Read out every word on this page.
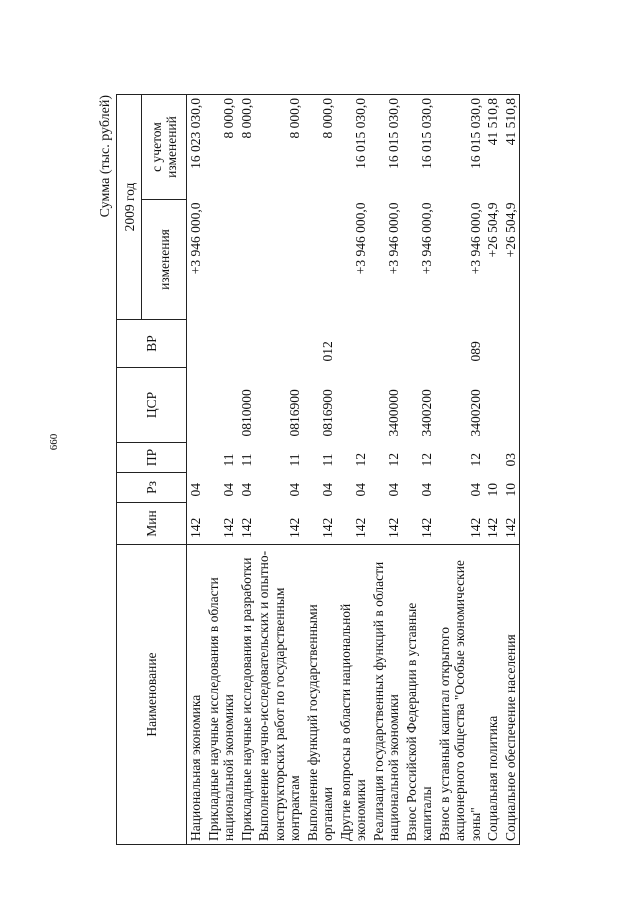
660
Сумма (тыс. рублей)
Наименование	Мин	Рз	ПР	ЦСР	ВР	2009 год	
						изменения	с учетом изменений
Национальная экономика	142	04				+3 946 000,0	16 023 030,0
Прикладные научные исследования в области национальной экономики	142	04	11				8 000,0
Прикладные научные исследования и разработки	142	04	11	0810000			8 000,0
Выполнение научно-исследовательских и опытно-конструкторских работ по государственным контрактам	142	04	11	0816900			8 000,0
Выполнение функций государственными органами	142	04	11	0816900	012		8 000,0
Другие вопросы в области национальной экономики	142	04	12			+3 946 000,0	16 015 030,0
Реализация государственных функций в области национальной экономики	142	04	12	3400000		+3 946 000,0	16 015 030,0
Взнос Российской Федерации в уставные капиталы	142	04	12	3400200		+3 946 000,0	16 015 030,0
Взнос в уставный капитал открытого акционерного общества "Особые экономические зоны"	142	04	12	3400200	089	+3 946 000,0	16 015 030,0
Социальная политика	142	10				+26 504,9	41 510,8
Социальное обеспечение населения	142	10	03			+26 504,9	41 510,8
